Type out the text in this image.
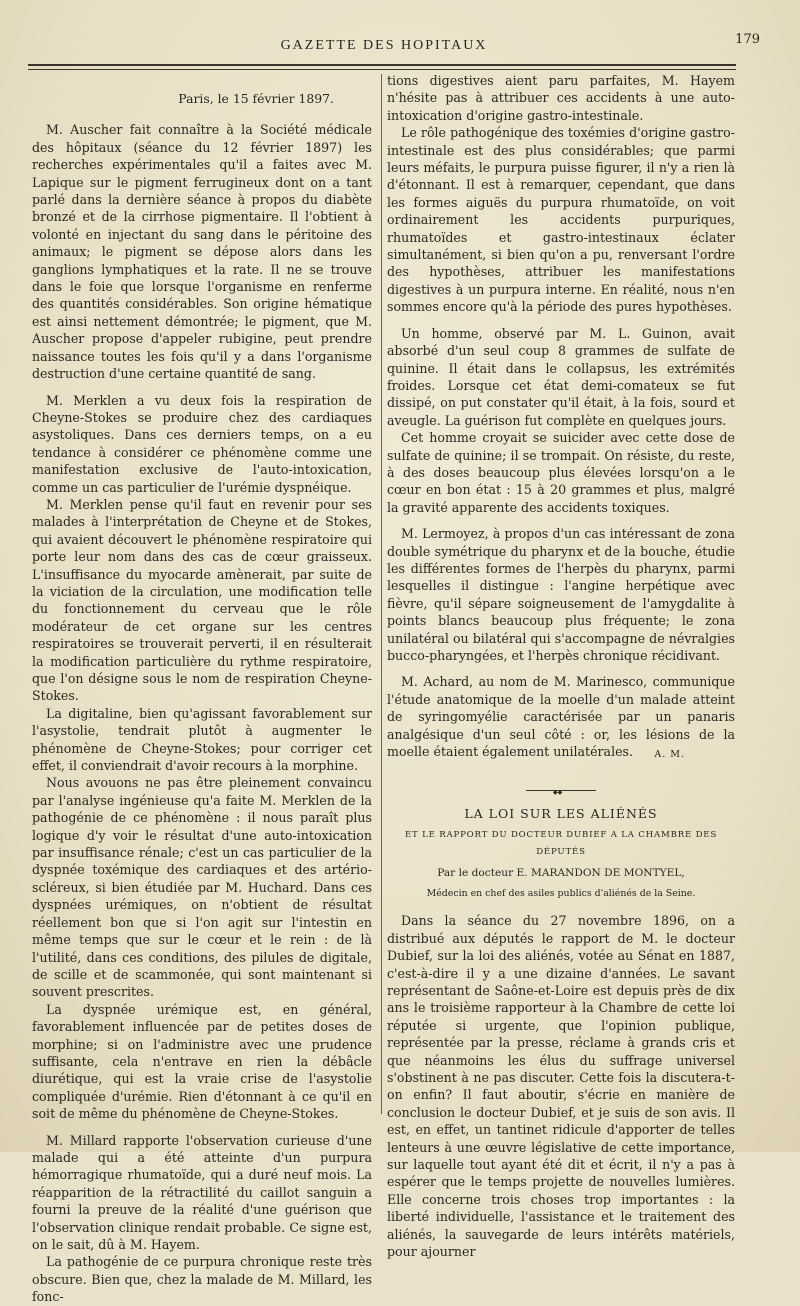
GAZETTE DES HOPITAUX	179

Paris, le 15 février 1897.

M. Auscher fait connaître à la Société médicale des hôpitaux (séance du 12 février 1897) les recherches expérimentales qu'il a faites avec M. Lapique sur le pigment ferrugineux dont on a tant parlé dans la dernière séance à propos du diabète bronzé et de la cirrhose pigmentaire. Il l'obtient à volonté en injectant du sang dans le péritoine des animaux; le pigment se dépose alors dans les ganglions lymphatiques et la rate. Il ne se trouve dans le foie que lorsque l'organisme en renferme des quantités considérables. Son origine hématique est ainsi nettement démontrée; le pigment, que M. Auscher propose d'appeler rubigine, peut prendre naissance toutes les fois qu'il y a dans l'organisme destruction d'une certaine quantité de sang.

M. Merklen a vu deux fois la respiration de Cheyne-Stokes se produire chez des cardiaques asystoliques. Dans ces derniers temps, on a eu tendance à considérer ce phénomène comme une manifestation exclusive de l'auto-intoxication, comme un cas particulier de l'urémie dyspnéique.

M. Merklen pense qu'il faut en revenir pour ses malades à l'interprétation de Cheyne et de Stokes, qui avaient découvert le phénomène respiratoire qui porte leur nom dans des cas de cœur graisseux. L'insuffisance du myocarde amènerait, par suite de la viciation de la circulation, une modification telle du fonctionnement du cerveau que le rôle modérateur de cet organe sur les centres respiratoires se trouverait perverti, il en résulterait la modification particulière du rythme respiratoire, que l'on désigne sous le nom de respiration Cheyne-Stokes.

La digitaline, bien qu'agissant favorablement sur l'asystolie, tendrait plutôt à augmenter le phénomène de Cheyne-Stokes; pour corriger cet effet, il conviendrait d'avoir recours à la morphine.

Nous avouons ne pas être pleinement convaincu par l'analyse ingénieuse qu'a faite M. Merklen de la pathogénie de ce phénomène : il nous paraît plus logique d'y voir le résultat d'une auto-intoxication par insuffisance rénale; c'est un cas particulier de la dyspnée toxémique des cardiaques et des artério-scléreux, si bien étudiée par M. Huchard. Dans ces dyspnées urémiques, on n'obtient de résultat réellement bon que si l'on agit sur l'intestin en même temps que sur le cœur et le rein : de là l'utilité, dans ces conditions, des pilules de digitale, de scille et de scammonée, qui sont maintenant si souvent prescrites.

La dyspnée urémique est, en général, favorablement influencée par de petites doses de morphine; si on l'administre avec une prudence suffisante, cela n'entrave en rien la débâcle diurétique, qui est la vraie crise de l'asystolie compliquée d'urémie. Rien d'étonnant à ce qu'il en soit de même du phénomène de Cheyne-Stokes.

M. Millard rapporte l'observation curieuse d'une malade qui a été atteinte d'un purpura hémorragique rhumatoïde, qui a duré neuf mois. La réapparition de la rétractilité du caillot sanguin a fourni la preuve de la réalité d'une guérison que l'observation clinique rendait probable. Ce signe est, on le sait, dû à M. Hayem.

La pathogénie de ce purpura chronique reste très obscure. Bien que, chez la malade de M. Millard, les fonc-

tions digestives aient paru parfaites, M. Hayem n'hésite pas à attribuer ces accidents à une auto-intoxication d'origine gastro-intestinale.

Le rôle pathogénique des toxémies d'origine gastro-intestinale est des plus considérables; que parmi leurs méfaits, le purpura puisse figurer, il n'y a rien là d'étonnant. Il est à remarquer, cependant, que dans les formes aiguës du purpura rhumatoïde, on voit ordinairement les accidents purpuriques, rhumatoïdes et gastro-intestinaux éclater simultanément, si bien qu'on a pu, renversant l'ordre des hypothèses, attribuer les manifestations digestives à un purpura interne. En réalité, nous n'en sommes encore qu'à la période des pures hypothèses.

Un homme, observé par M. L. Guinon, avait absorbé d'un seul coup 8 grammes de sulfate de quinine. Il était dans le collapsus, les extrémités froides. Lorsque cet état demi-comateux se fut dissipé, on put constater qu'il était, à la fois, sourd et aveugle. La guérison fut complète en quelques jours.

Cet homme croyait se suicider avec cette dose de sulfate de quinine; il se trompait. On résiste, du reste, à des doses beaucoup plus élevées lorsqu'on a le cœur en bon état : 15 à 20 grammes et plus, malgré la gravité apparente des accidents toxiques.

M. Lermoyez, à propos d'un cas intéressant de zona double symétrique du pharynx et de la bouche, étudie les différentes formes de l'herpès du pharynx, parmi lesquelles il distingue : l'angine herpétique avec fièvre, qu'il sépare soigneusement de l'amygdalite à points blancs beaucoup plus fréquente; le zona unilatéral ou bilatéral qui s'accompagne de névralgies bucco-pharyngées, et l'herpès chronique récidivant.

M. Achard, au nom de M. Marinesco, communique l'étude anatomique de la moelle d'un malade atteint de syringomyélie caractérisée par un panaris analgésique d'un seul côté : or, les lésions de la moelle étaient également unilatérales.	A. M.

◆◆

LA LOI SUR LES ALIÉNÉS

ET LE RAPPORT DU DOCTEUR DUBIEF A LA CHAMBRE DES DÉPUTÉS

Par le docteur E. MARANDON DE MONTYEL,

Médecin en chef des asiles publics d'aliénés de la Seine.

Dans la séance du 27 novembre 1896, on a distribué aux députés le rapport de M. le docteur Dubief, sur la loi des aliénés, votée au Sénat en 1887, c'est-à-dire il y a une dizaine d'années. Le savant représentant de Saône-et-Loire est depuis près de dix ans le troisième rapporteur à la Chambre de cette loi réputée si urgente, que l'opinion publique, représentée par la presse, réclame à grands cris et que néanmoins les élus du suffrage universel s'obstinent à ne pas discuter. Cette fois la discutera-t-on enfin? Il faut aboutir, s'écrie en manière de conclusion le docteur Dubief, et je suis de son avis. Il est, en effet, un tantinet ridicule d'apporter de telles lenteurs à une œuvre législative de cette importance, sur laquelle tout ayant été dit et écrit, il n'y a pas à espérer que le temps projette de nouvelles lumières. Elle concerne trois choses trop importantes : la liberté individuelle, l'assistance et le traitement des aliénés, la sauvegarde de leurs intérêts matériels, pour ajourner
